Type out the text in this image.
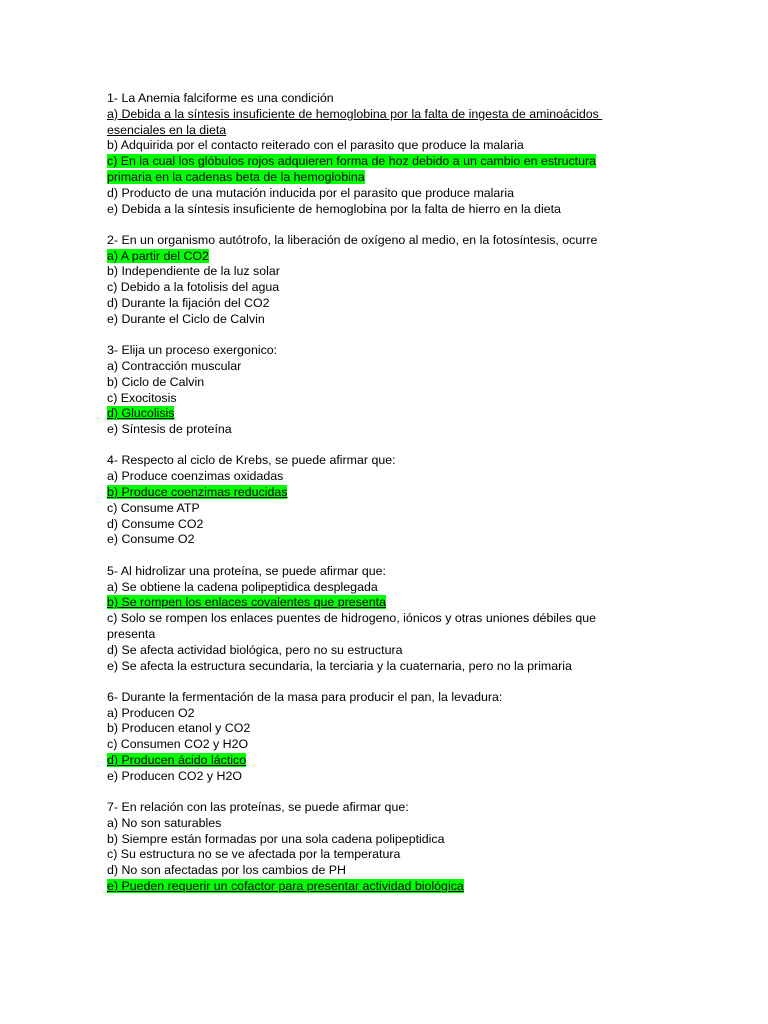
1- La Anemia falciforme es una condición
a) Debida a la síntesis insuficiente de hemoglobina por la falta de ingesta de aminoácidos
esenciales en la dieta
b) Adquirida por el contacto reiterado con el parasito que produce la malaria
c) En la cual los glóbulos rojos adquieren forma de hoz debido a un cambio en estructura
primaria en la cadenas beta de la hemoglobina
d) Producto de una mutación inducida por el parasito que produce malaria
e) Debida a la síntesis insuficiente de hemoglobina por la falta de hierro en la dieta
2- En un organismo autótrofo, la liberación de oxígeno al medio, en la fotosíntesis, ocurre
a) A partir del CO2
b) Independiente de la luz solar
c) Debido a la fotolisis del agua
d) Durante la fijación del CO2
e) Durante el Ciclo de Calvin
3- Elija un proceso exergonico:
a) Contracción muscular
b) Ciclo de Calvin
c) Exocitosis
d) Glucolisis
e) Síntesis de proteína
4- Respecto al ciclo de Krebs, se puede afirmar que:
a) Produce coenzimas oxidadas
b) Produce coenzimas reducidas
c) Consume ATP
d) Consume CO2
e) Consume O2
5- Al hidrolizar una proteína, se puede afirmar que:
a) Se obtiene la cadena polipeptidica desplegada
b) Se rompen los enlaces covalentes que presenta
c) Solo se rompen los enlaces puentes de hidrogeno, iónicos y otras uniones débiles que
presenta
d) Se afecta actividad biológica, pero no su estructura
e) Se afecta la estructura secundaria, la terciaria y la cuaternaria, pero no la primaria
6- Durante la fermentación de la masa para producir el pan, la levadura:
a) Producen O2
b) Producen etanol y CO2
c) Consumen CO2 y H2O
d) Producen ácido láctico
e) Producen CO2 y H2O
7- En relación con las proteínas, se puede afirmar que:
a) No son saturables
b) Siempre están formadas por una sola cadena polipeptidica
c) Su estructura no se ve afectada por la temperatura
d) No son afectadas por los cambios de PH
e) Pueden requerir un cofactor para presentar actividad biológica
